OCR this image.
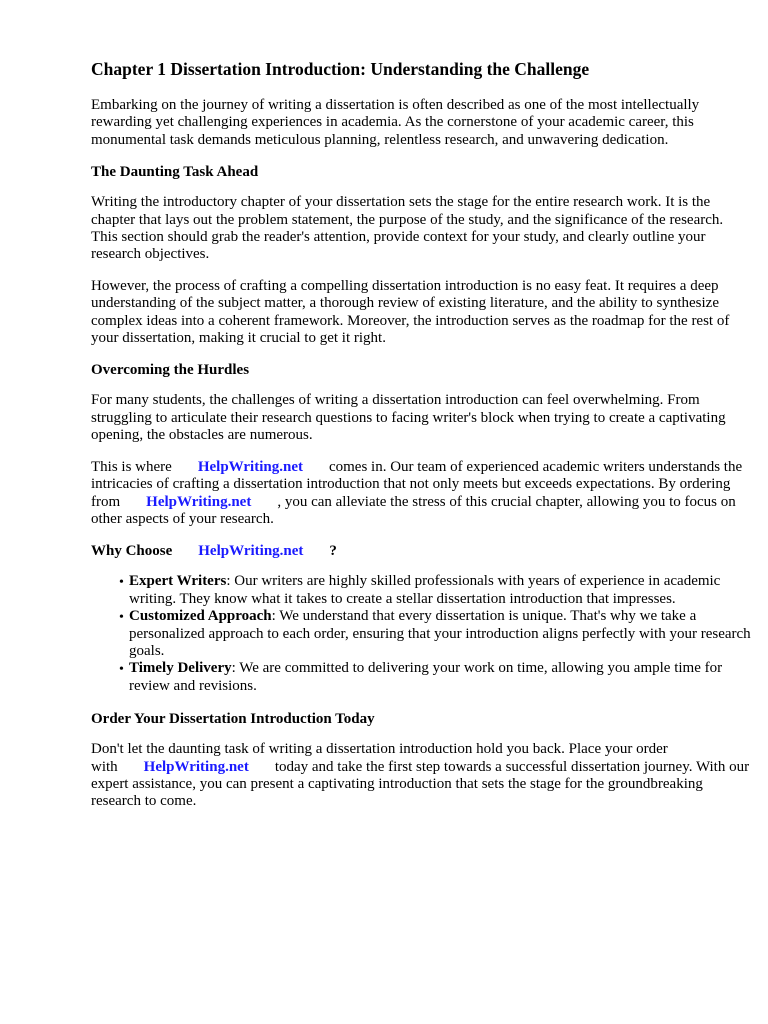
Chapter 1 Dissertation Introduction: Understanding the Challenge

Embarking on the journey of writing a dissertation is often described as one of the most intellectually rewarding yet challenging experiences in academia. As the cornerstone of your academic career, this monumental task demands meticulous planning, relentless research, and unwavering dedication.

The Daunting Task Ahead

Writing the introductory chapter of your dissertation sets the stage for the entire research work. It is the chapter that lays out the problem statement, the purpose of the study, and the significance of the research. This section should grab the reader's attention, provide context for your study, and clearly outline your research objectives.

However, the process of crafting a compelling dissertation introduction is no easy feat. It requires a deep understanding of the subject matter, a thorough review of existing literature, and the ability to synthesize complex ideas into a coherent framework. Moreover, the introduction serves as the roadmap for the rest of your dissertation, making it crucial to get it right.

Overcoming the Hurdles

For many students, the challenges of writing a dissertation introduction can feel overwhelming. From struggling to articulate their research questions to facing writer's block when trying to create a captivating opening, the obstacles are numerous.

This is where HelpWriting.net comes in. Our team of experienced academic writers understands the intricacies of crafting a dissertation introduction that not only meets but exceeds expectations. By ordering from HelpWriting.net , you can alleviate the stress of this crucial chapter, allowing you to focus on other aspects of your research.

Why Choose HelpWriting.net ?
• Expert Writers: Our writers are highly skilled professionals with years of experience in academic writing. They know what it takes to create a stellar dissertation introduction that impresses.
• Customized Approach: We understand that every dissertation is unique. That's why we take a personalized approach to each order, ensuring that your introduction aligns perfectly with your research goals.
• Timely Delivery: We are committed to delivering your work on time, allowing you ample time for review and revisions.
Order Your Dissertation Introduction Today

Don't let the daunting task of writing a dissertation introduction hold you back. Place your order with HelpWriting.net today and take the first step towards a successful dissertation journey. With our expert assistance, you can present a captivating introduction that sets the stage for the groundbreaking research to come.
